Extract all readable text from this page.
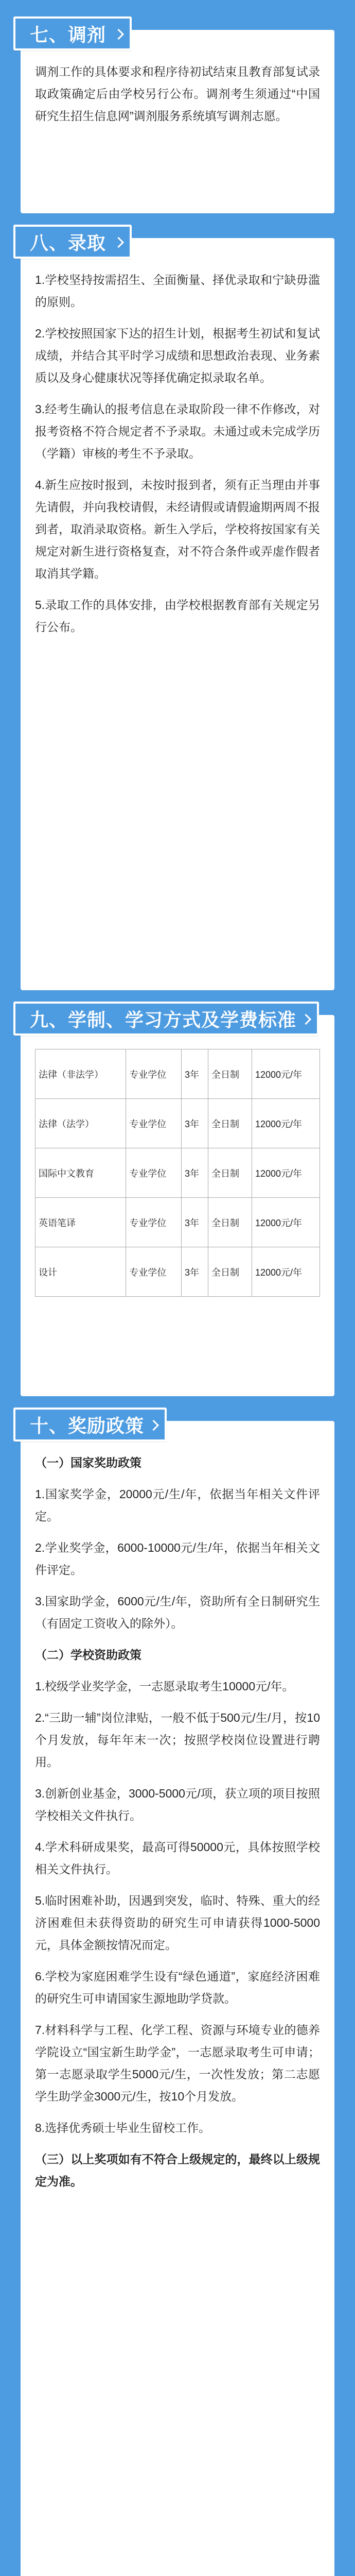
七、调剂

调剂工作的具体要求和程序待初试结束且教育部复试录取政策确定后由学校另行公布。调剂考生须通过“中国研究生招生信息网”调剂服务系统填写调剂志愿。

八、录取

1.学校坚持按需招生、全面衡量、择优录取和宁缺毋滥的原则。

2.学校按照国家下达的招生计划，根据考生初试和复试成绩，并结合其平时学习成绩和思想政治表现、业务素质以及身心健康状况等择优确定拟录取名单。

3.经考生确认的报考信息在录取阶段一律不作修改，对报考资格不符合规定者不予录取。未通过或未完成学历（学籍）审核的考生不予录取。

4.新生应按时报到，未按时报到者，须有正当理由并事先请假，并向我校请假，未经请假或请假逾期两周不报到者，取消录取资格。新生入学后，学校将按国家有关规定对新生进行资格复查，对不符合条件或弄虚作假者取消其学籍。

5.录取工作的具体安排，由学校根据教育部有关规定另行公布。

九、学制、学习方式及学费标准
法律（非法学）	专业学位	3年	全日制	12000元/年
法律（法学）	专业学位	3年	全日制	12000元/年
国际中文教育	专业学位	3年	全日制	12000元/年
英语笔译	专业学位	3年	全日制	12000元/年
设计	专业学位	3年	全日制	12000元/年
十、奖励政策

（一）国家奖助政策

1.国家奖学金，20000元/生/年，依据当年相关文件评定。

2.学业奖学金，6000-10000元/生/年，依据当年相关文件评定。

3.国家助学金，6000元/生/年，资助所有全日制研究生（有固定工资收入的除外）。

（二）学校资助政策

1.校级学业奖学金，一志愿录取考生10000元/年。

2.“三助一辅”岗位津贴，一般不低于500元/生/月，按10个月发放，每年年末一次；按照学校岗位设置进行聘用。

3.创新创业基金，3000-5000元/项，获立项的项目按照学校相关文件执行。

4.学术科研成果奖，最高可得50000元，具体按照学校相关文件执行。

5.临时困难补助，因遇到突发，临时、特殊、重大的经济困难但未获得资助的研究生可申请获得1000-5000元，具体金额按情况而定。

6.学校为家庭困难学生设有“绿色通道”，家庭经济困难的研究生可申请国家生源地助学贷款。

7.材料科学与工程、化学工程、资源与环境专业的德养学院设立“国宝新生助学金”，一志愿录取考生可申请；第一志愿录取学生5000元/生，一次性发放；第二志愿学生助学金3000元/生，按10个月发放。

8.选择优秀硕士毕业生留校工作。

（三）以上奖项如有不符合上级规定的，最终以上级规定为准。
